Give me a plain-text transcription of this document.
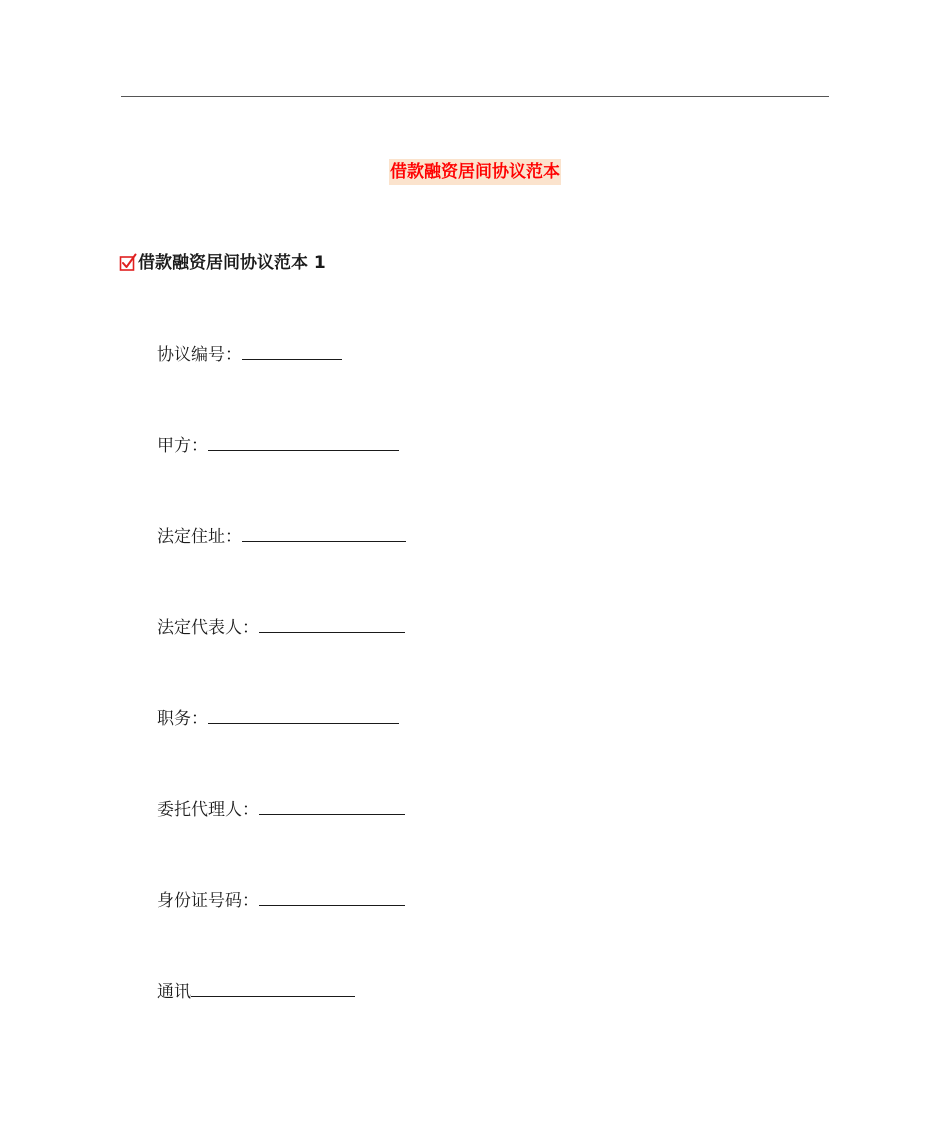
借款融资居间协议范本
借款融资居间协议范本 1
协议编号：
甲方：
法定住址：
法定代表人：
职务：
委托代理人：
身份证号码：
通讯
